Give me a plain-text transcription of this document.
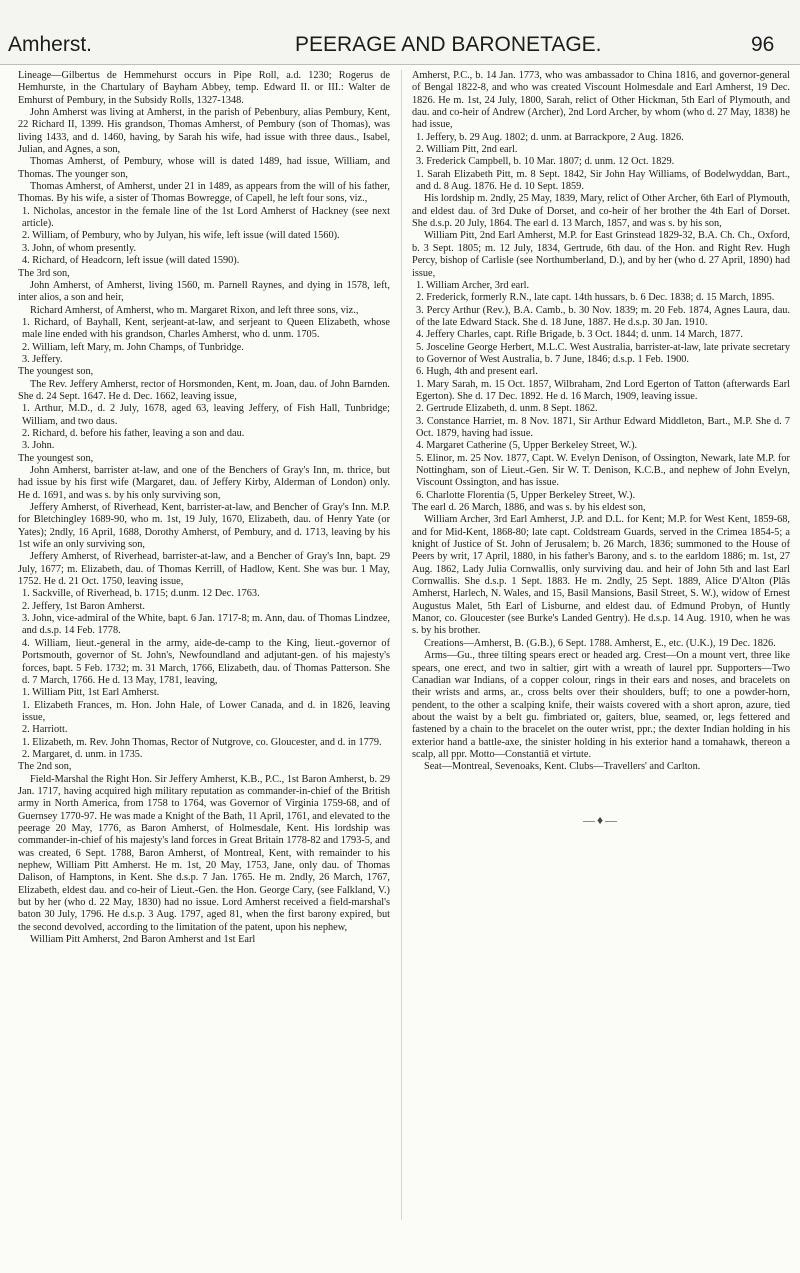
Amherst.	PEERAGE AND BARONETAGE.	96

Lineage—Gilbertus de Hemmehurst occurs in Pipe Roll, a.d. 1230; Rogerus de Hemhurste, in the Chartulary of Bayham Abbey, temp. Edward II. or III.: Walter de Emhurst of Pembury, in the Subsidy Rolls, 1327-1348.

John Amherst was living at Amherst, in the parish of Pebenbury, alias Pembury, Kent, 22 Richard II, 1399. His grandson, Thomas Amherst, of Pembury (son of Thomas), was living 1433, and d. 1460, having, by Sarah his wife, had issue with three daus., Isabel, Julian, and Agnes, a son,

Thomas Amherst, of Pembury, whose will is dated 1489, had issue, William, and Thomas. The younger son,

Thomas Amherst, of Amherst, under 21 in 1489, as appears from the will of his father, Thomas. By his wife, a sister of Thomas Bowregge, of Capell, he left four sons, viz.,

1. Nicholas, ancestor in the female line of the 1st Lord Amherst of Hackney (see next article).

2. William, of Pembury, who by Julyan, his wife, left issue (will dated 1560).

3. John, of whom presently.

4. Richard, of Headcorn, left issue (will dated 1590).

The 3rd son,

John Amherst, of Amherst, living 1560, m. Parnell Raynes, and dying in 1578, left, inter alios, a son and heir,

Richard Amherst, of Amherst, who m. Margaret Rixon, and left three sons, viz.,

1. Richard, of Bayhall, Kent, serjeant-at-law, and serjeant to Queen Elizabeth, whose male line ended with his grandson, Charles Amherst, who d. unm. 1705.

2. William, left Mary, m. John Champs, of Tunbridge.

3. Jeffery.

The youngest son,

The Rev. Jeffery Amherst, rector of Horsmonden, Kent, m. Joan, dau. of John Barnden. She d. 24 Sept. 1647. He d. Dec. 1662, leaving issue,

1. Arthur, M.D., d. 2 July, 1678, aged 63, leaving Jeffery, of Fish Hall, Tunbridge; William, and two daus.

2. Richard, d. before his father, leaving a son and dau.

3. John.

The youngest son,

John Amherst, barrister at-law, and one of the Benchers of Gray's Inn, m. thrice, but had issue by his first wife (Margaret, dau. of Jeffery Kirby, Alderman of London) only. He d. 1691, and was s. by his only surviving son,

Jeffery Amherst, of Riverhead, Kent, barrister-at-law, and Bencher of Gray's Inn. M.P. for Bletchingley 1689-90, who m. 1st, 19 July, 1670, Elizabeth, dau. of Henry Yate (or Yates); 2ndly, 16 April, 1688, Dorothy Amherst, of Pembury, and d. 1713, leaving by his 1st wife an only surviving son,

Jeffery Amherst, of Riverhead, barrister-at-law, and a Bencher of Gray's Inn, bapt. 29 July, 1677; m. Elizabeth, dau. of Thomas Kerrill, of Hadlow, Kent. She was bur. 1 May, 1752. He d. 21 Oct. 1750, leaving issue,

1. Sackville, of Riverhead, b. 1715; d.unm. 12 Dec. 1763.

2. Jeffery, 1st Baron Amherst.

3. John, vice-admiral of the White, bapt. 6 Jan. 1717-8; m. Ann, dau. of Thomas Lindzee, and d.s.p. 14 Feb. 1778.

4. William, lieut.-general in the army, aide-de-camp to the King, lieut.-governor of Portsmouth, governor of St. John's, Newfoundland and adjutant-gen. of his majesty's forces, bapt. 5 Feb. 1732; m. 31 March, 1766, Elizabeth, dau. of Thomas Patterson. She d. 7 March, 1766. He d. 13 May, 1781, leaving,

1. William Pitt, 1st Earl Amherst.

1. Elizabeth Frances, m. Hon. John Hale, of Lower Canada, and d. in 1826, leaving issue,

2. Harriott.

1. Elizabeth, m. Rev. John Thomas, Rector of Nutgrove, co. Gloucester, and d. in 1779.

2. Margaret, d. unm. in 1735.

The 2nd son,

Field-Marshal the Right Hon. Sir Jeffery Amherst, K.B., P.C., 1st Baron Amherst, b. 29 Jan. 1717, having acquired high military reputation as commander-in-chief of the British army in North America, from 1758 to 1764, was Governor of Virginia 1759-68, and of Guernsey 1770-97. He was made a Knight of the Bath, 11 April, 1761, and elevated to the peerage 20 May, 1776, as Baron Amherst, of Holmesdale, Kent. His lordship was commander-in-chief of his majesty's land forces in Great Britain 1778-82 and 1793-5, and was created, 6 Sept. 1788, Baron Amherst, of Montreal, Kent, with remainder to his nephew, William Pitt Amherst. He m. 1st, 20 May, 1753, Jane, only dau. of Thomas Dalison, of Hamptons, in Kent. She d.s.p. 7 Jan. 1765. He m. 2ndly, 26 March, 1767, Elizabeth, eldest dau. and co-heir of Lieut.-Gen. the Hon. George Cary, (see Falkland, V.) but by her (who d. 22 May, 1830) had no issue. Lord Amherst received a field-marshal's baton 30 July, 1796. He d.s.p. 3 Aug. 1797, aged 81, when the first barony expired, but the second devolved, according to the limitation of the patent, upon his nephew,

William Pitt Amherst, 2nd Baron Amherst and 1st Earl

Amherst, P.C., b. 14 Jan. 1773, who was ambassador to China 1816, and governor-general of Bengal 1822-8, and who was created Viscount Holmesdale and Earl Amherst, 19 Dec. 1826. He m. 1st, 24 July, 1800, Sarah, relict of Other Hickman, 5th Earl of Plymouth, and dau. and co-heir of Andrew (Archer), 2nd Lord Archer, by whom (who d. 27 May, 1838) he had issue,

1. Jeffery, b. 29 Aug. 1802; d. unm. at Barrackpore, 2 Aug. 1826.

2. William Pitt, 2nd earl.

3. Frederick Campbell, b. 10 Mar. 1807; d. unm. 12 Oct. 1829.

1. Sarah Elizabeth Pitt, m. 8 Sept. 1842, Sir John Hay Williams, of Bodelwyddan, Bart., and d. 8 Aug. 1876. He d. 10 Sept. 1859.

His lordship m. 2ndly, 25 May, 1839, Mary, relict of Other Archer, 6th Earl of Plymouth, and eldest dau. of 3rd Duke of Dorset, and co-heir of her brother the 4th Earl of Dorset. She d.s.p. 20 July, 1864. The earl d. 13 March, 1857, and was s. by his son,

William Pitt, 2nd Earl Amherst, M.P. for East Grinstead 1829-32, B.A. Ch. Ch., Oxford, b. 3 Sept. 1805; m. 12 July, 1834, Gertrude, 6th dau. of the Hon. and Right Rev. Hugh Percy, bishop of Carlisle (see Northumberland, D.), and by her (who d. 27 April, 1890) had issue,

1. William Archer, 3rd earl.

2. Frederick, formerly R.N., late capt. 14th hussars, b. 6 Dec. 1838; d. 15 March, 1895.

3. Percy Arthur (Rev.), B.A. Camb., b. 30 Nov. 1839; m. 20 Feb. 1874, Agnes Laura, dau. of the late Edward Stack. She d. 18 June, 1887. He d.s.p. 30 Jan. 1910.

4. Jeffery Charles, capt. Rifle Brigade, b. 3 Oct. 1844; d. unm. 14 March, 1877.

5. Josceline George Herbert, M.L.C. West Australia, barrister-at-law, late private secretary to Governor of West Australia, b. 7 June, 1846; d.s.p. 1 Feb. 1900.

6. Hugh, 4th and present earl.

1. Mary Sarah, m. 15 Oct. 1857, Wilbraham, 2nd Lord Egerton of Tatton (afterwards Earl Egerton). She d. 17 Dec. 1892. He d. 16 March, 1909, leaving issue.

2. Gertrude Elizabeth, d. unm. 8 Sept. 1862.

3. Constance Harriet, m. 8 Nov. 1871, Sir Arthur Edward Middleton, Bart., M.P. She d. 7 Oct. 1879, having had issue.

4. Margaret Catherine (5, Upper Berkeley Street, W.).

5. Elinor, m. 25 Nov. 1877, Capt. W. Evelyn Denison, of Ossington, Newark, late M.P. for Nottingham, son of Lieut.-Gen. Sir W. T. Denison, K.C.B., and nephew of John Evelyn, Viscount Ossington, and has issue.

6. Charlotte Florentia (5, Upper Berkeley Street, W.).

The earl d. 26 March, 1886, and was s. by his eldest son,

William Archer, 3rd Earl Amherst, J.P. and D.L. for Kent; M.P. for West Kent, 1859-68, and for Mid-Kent, 1868-80; late capt. Coldstream Guards, served in the Crimea 1854-5; a knight of Justice of St. John of Jerusalem; b. 26 March, 1836; summoned to the House of Peers by writ, 17 April, 1880, in his father's Barony, and s. to the earldom 1886; m. 1st, 27 Aug. 1862, Lady Julia Cornwallis, only surviving dau. and heir of John 5th and last Earl Cornwallis. She d.s.p. 1 Sept. 1883. He m. 2ndly, 25 Sept. 1889, Alice D'Alton (Plâs Amherst, Harlech, N. Wales, and 15, Basil Mansions, Basil Street, S. W.), widow of Ernest Augustus Malet, 5th Earl of Lisburne, and eldest dau. of Edmund Probyn, of Huntly Manor, co. Gloucester (see Burke's Landed Gentry). He d.s.p. 14 Aug. 1910, when he was s. by his brother.

Creations—Amherst, B. (G.B.), 6 Sept. 1788. Amherst, E., etc. (U.K.), 19 Dec. 1826.

Arms—Gu., three tilting spears erect or headed arg. Crest—On a mount vert, three like spears, one erect, and two in saltier, girt with a wreath of laurel ppr. Supporters—Two Canadian war Indians, of a copper colour, rings in their ears and noses, and bracelets on their wrists and arms, ar., cross belts over their shoulders, buff; to one a powder-horn, pendent, to the other a scalping knife, their waists covered with a short apron, azure, tied about the waist by a belt gu. fimbriated or, gaiters, blue, seamed, or, legs fettered and fastened by a chain to the bracelet on the outer wrist, ppr.; the dexter Indian holding in his exterior hand a battle-axe, the sinister holding in his exterior hand a tomahawk, thereon a scalp, all ppr. Motto—Constantiâ et virtute.

Seat—Montreal, Sevenoaks, Kent. Clubs—Travellers' and Carlton.

—♦—
